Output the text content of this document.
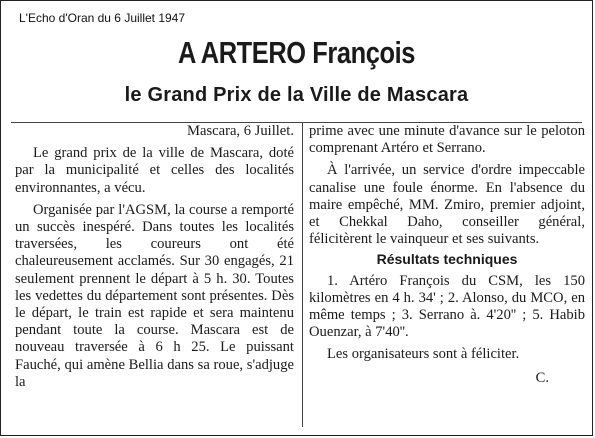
L'Echo d'Oran du 6 Juillet 1947
A ARTERO François
le Grand Prix de la Ville de Mascara

Mascara, 6 Juillet.

Le grand prix de la ville de Mascara, doté par la municipalité et celles des localités environnantes, a vécu.

Organisée par l'AGSM, la course a remporté un succès inespéré. Dans toutes les localités traversées, les coureurs ont été chaleureusement acclamés. Sur 30 engagés, 21 seulement prennent le départ à 5 h. 30. Toutes les vedettes du département sont présentes. Dès le départ, le train est rapide et sera maintenu pendant toute la course. Mascara est de nouveau traversée à 6 h 25. Le puissant Fauché, qui amène Bellia dans sa roue, s'adjuge la

prime avec une minute d'avance sur le peloton comprenant Artéro et Serrano.

À l'arrivée, un service d'ordre impeccable canalise une foule énorme. En l'absence du maire empêché, MM. Zmiro, premier adjoint, et Chekkal Daho, conseiller général, félicitèrent le vainqueur et ses suivants.

Résultats techniques

1. Artéro François du CSM, les 150 kilomètres en 4 h. 34' ; 2. Alonso, du MCO, en même temps ; 3. Serrano à. 4'20'' ; 5. Habib Ouenzar, à 7'40''.

Les organisateurs sont à féliciter.

C.
